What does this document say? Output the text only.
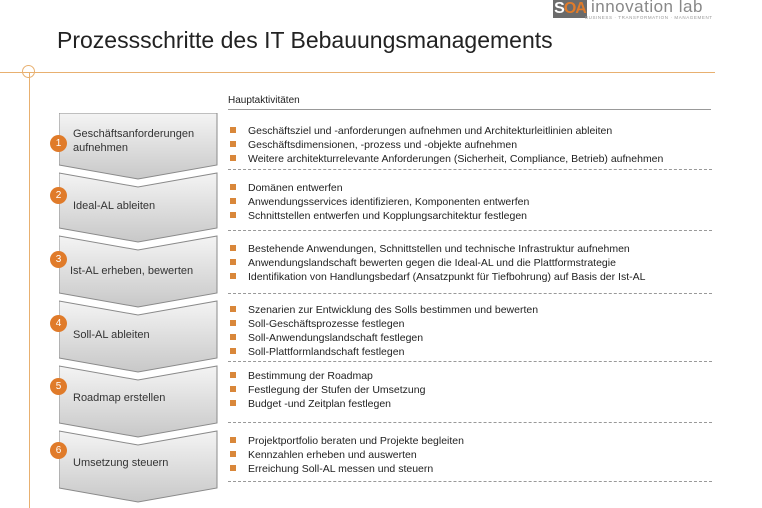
SOA innovation lab
BUSINESS · TRANSFORMATION · MANAGEMENT
Prozessschritte des IT Bebauungsmanagements
Hauptaktivitäten
1
2
3
4
5
6
Geschäftsanforderungen
aufnehmen
Ideal-AL ableiten
Ist-AL erheben, bewerten
Soll-AL ableiten
Roadmap erstellen
Umsetzung steuern
Geschäftsziel und -anforderungen aufnehmen und Architekturleitlinien ableiten
Geschäftsdimensionen, -prozess und -objekte aufnehmen
Weitere architekturrelevante Anforderungen (Sicherheit, Compliance, Betrieb) aufnehmen
Domänen entwerfen
Anwendungsservices identifizieren, Komponenten entwerfen
Schnittstellen entwerfen und Kopplungsarchitektur festlegen
Bestehende Anwendungen, Schnittstellen und technische Infrastruktur aufnehmen
Anwendungslandschaft bewerten gegen die Ideal-AL und die Plattformstrategie
Identifikation von Handlungsbedarf (Ansatzpunkt für Tiefbohrung) auf Basis der Ist-AL
Szenarien zur Entwicklung des Solls bestimmen und bewerten
Soll-Geschäftsprozesse festlegen
Soll-Anwendungslandschaft festlegen
Soll-Plattformlandschaft festlegen
Bestimmung der Roadmap
Festlegung der Stufen der Umsetzung
Budget -und Zeitplan festlegen
Projektportfolio beraten und Projekte begleiten
Kennzahlen erheben und auswerten
Erreichung Soll-AL messen und steuern
